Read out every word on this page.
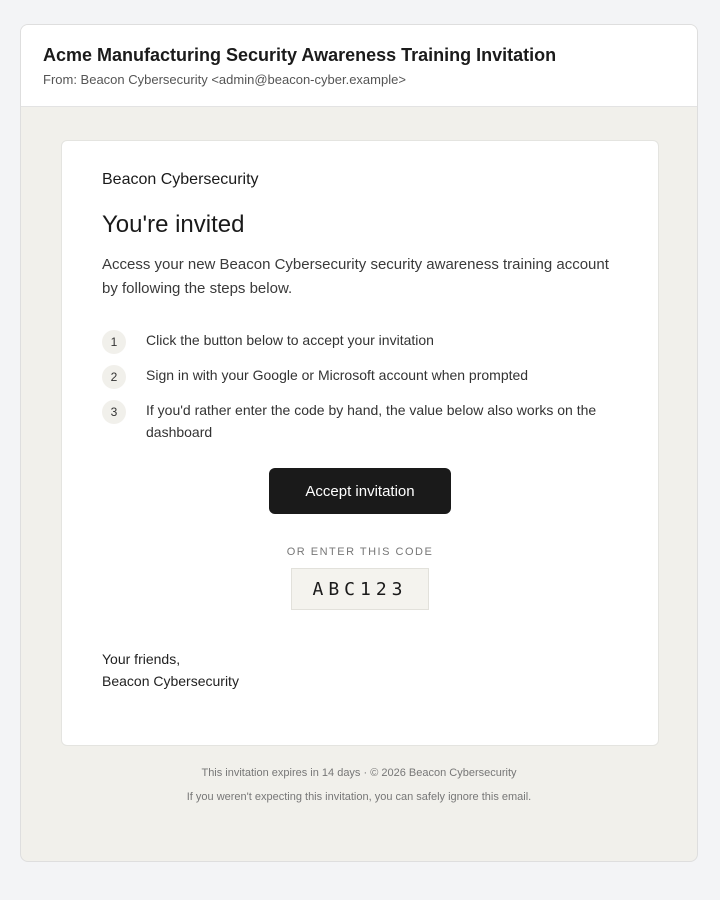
Acme Manufacturing Security Awareness Training Invitation
From: Beacon Cybersecurity <admin@beacon-cyber.example>
Beacon Cybersecurity
You're invited
Access your new Beacon Cybersecurity security awareness training account by following the steps below.
1	Click the button below to accept your invitation
2	Sign in with your Google or Microsoft account when prompted
3	If you'd rather enter the code by hand, the value below also works on the dashboard
Accept invitation
OR ENTER THIS CODE
ABC123
Your friends,
Beacon Cybersecurity
This invitation expires in 14 days · © 2026 Beacon Cybersecurity
If you weren't expecting this invitation, you can safely ignore this email.
